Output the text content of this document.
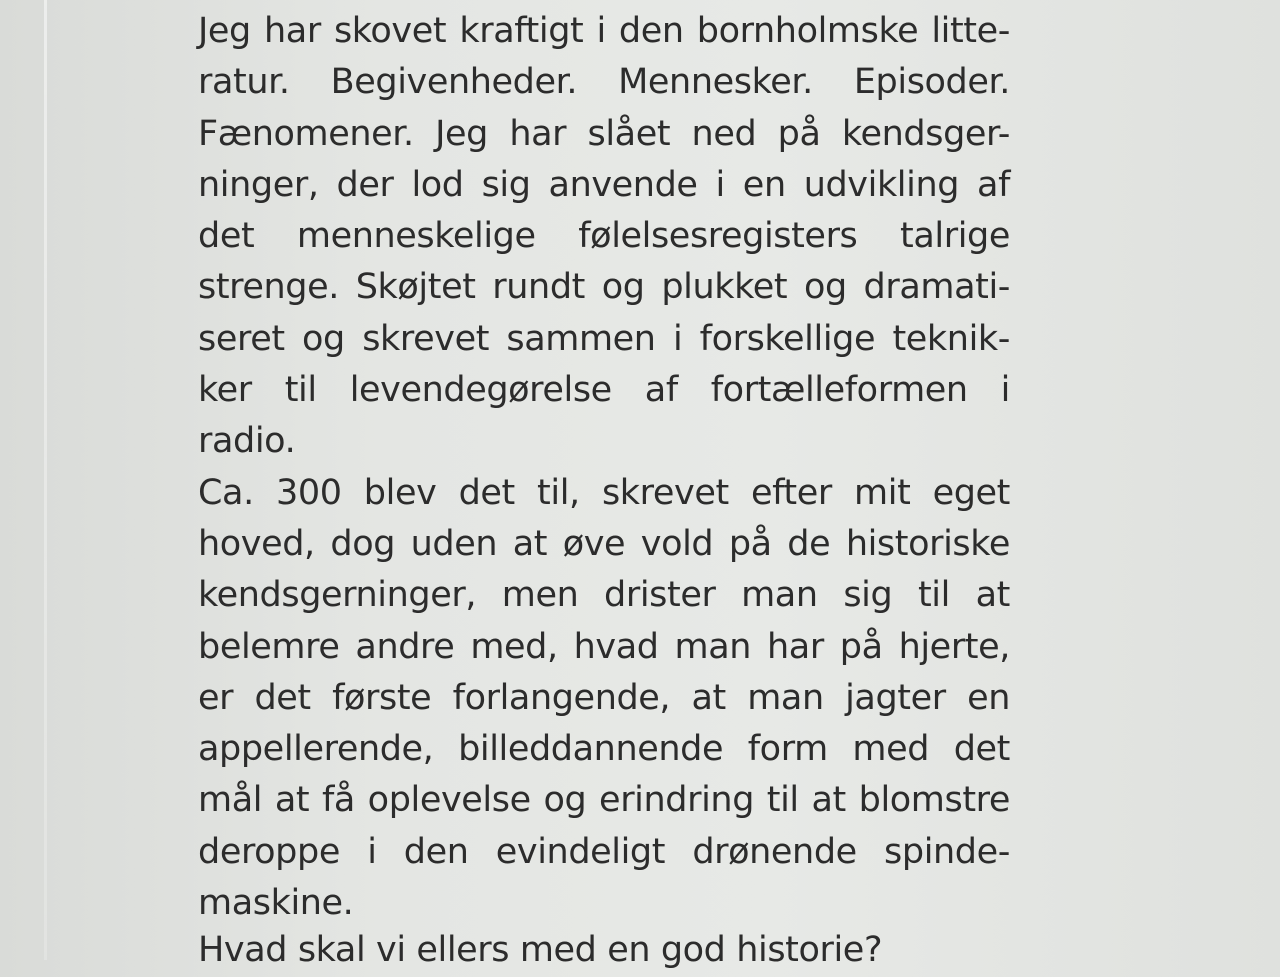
Jeg har skovet kraftigt i den bornholmske litte-
ratur. Begivenheder. Mennesker. Episoder.
Fænomener. Jeg har slået ned på kendsger-
ninger, der lod sig anvende i en udvikling af
det menneskelige følelsesregisters talrige
strenge. Skøjtet rundt og plukket og dramati-
seret og skrevet sammen i forskellige teknik-
ker til levendegørelse af fortælleformen i
radio.
Ca. 300 blev det til, skrevet efter mit eget
hoved, dog uden at øve vold på de historiske
kendsgerninger, men drister man sig til at
belemre andre med, hvad man har på hjerte,
er det første forlangende, at man jagter en
appellerende, billeddannende form med det
mål at få oplevelse og erindring til at blomstre
deroppe i den evindeligt drønende spinde-
maskine.
Hvad skal vi ellers med en god historie?
